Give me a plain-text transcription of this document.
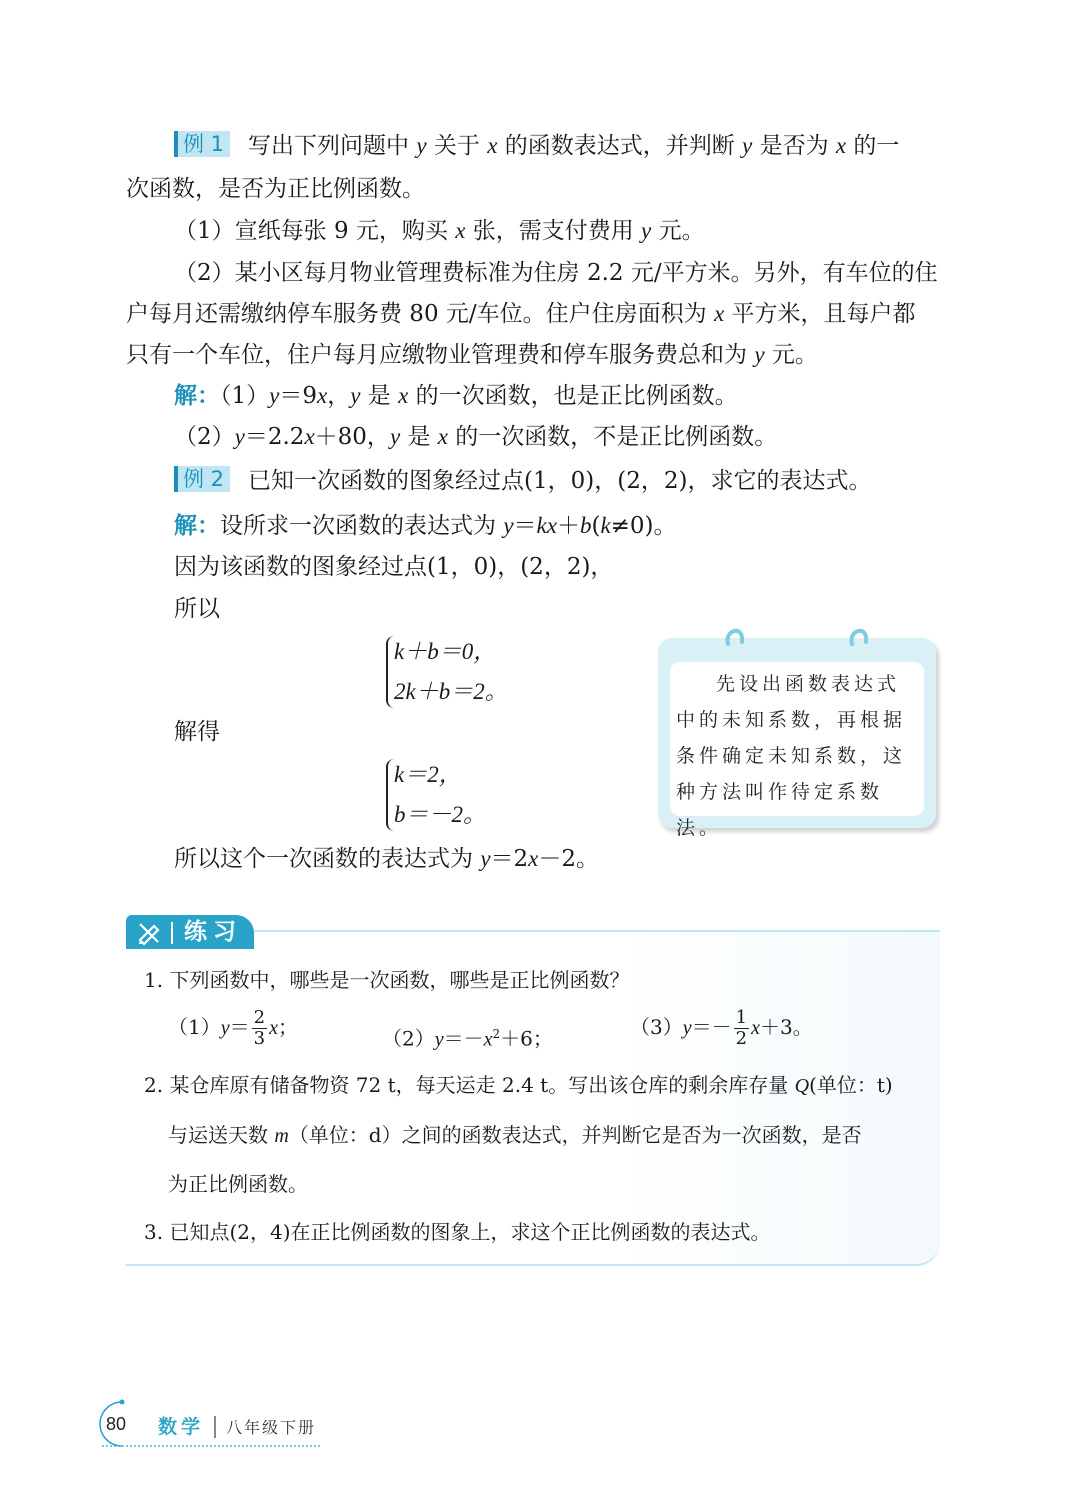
例 1 写出下列问题中 y 关于 x 的函数表达式，并判断 y 是否为 x 的一
次函数，是否为正比例函数。
（1）宣纸每张 9 元，购买 x 张，需支付费用 y 元。
（2）某小区每月物业管理费标准为住房 2.2 元/平方米。另外，有车位的住
户每月还需缴纳停车服务费 80 元/车位。住户住房面积为 x 平方米，且每户都
只有一个车位，住户每月应缴物业管理费和停车服务费总和为 y 元。
解：（1）y＝9x，y 是 x 的一次函数，也是正比例函数。
（2）y＝2.2x＋80，y 是 x 的一次函数，不是正比例函数。
例 2 已知一次函数的图象经过点(1，0)，(2，2)，求它的表达式。
解：设所求一次函数的表达式为 y＝kx＋b(k≠0)。
因为该函数的图象经过点(1，0)，(2，2)，
所以
k＋b＝0，
2k＋b＝2。
解得
k＝2，
b＝－2。
所以这个一次函数的表达式为 y＝2x－2。
先设出函数表达式中的未知系数，再根据条件确定未知系数，这种方法叫作待定系数法。
练习
1. 下列函数中，哪些是一次函数，哪些是正比例函数？
$(1)y= \frac{2}{3}$ x；	$(2)y=-x^2+6$；	$(3)y=- \frac{1}{2} x+3$。
2. 某仓库原有储备物资 72 t，每天运走 2.4 t。写出该仓库的剩余库存量 Q(单位：t)
与运送天数 m（单位：d）之间的函数表达式，并判断它是否为一次函数，是否
为正比例函数。
3. 已知点(2，4)在正比例函数的图象上，求这个正比例函数的表达式。
80 数学 八年级下册
